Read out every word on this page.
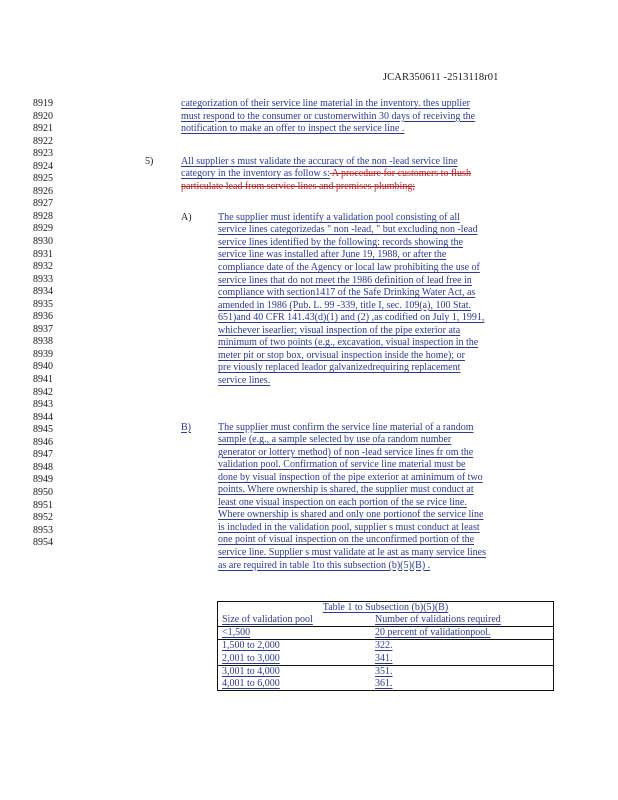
JCAR350611 -2513118r01
8919
8920
8921
8922
8923
8924
8925
8926
8927
8928
8929
8930
8931
8932
8933
8934
8935
8936
8937
8938
8939
8940
8941
8942
8943
8944
8945
8946
8947
8948
8949
8950
8951
8952
8953
8954
categorization of their service line material in the inventory. thes upplier
must respond to the consumer or customerwithin 30 days of receiving the
notification to make an offer to inspect the service line .
5)	All supplier s must validate the accuracy of the non -lead service line
category in the inventory as follow s: A procedure for customers to flush
particulate lead from service lines and premises plumbing;
A)	The supplier must identify a validation pool consisting of all
service lines categorizedas " non -lead, " but excluding non -lead
service lines identified by the following: records showing the
service line was installed after June 19, 1988, or after the
compliance date of the Agency or local law prohibiting the use of
service lines that do not meet the 1986 definition of lead free in
compliance with section1417 of the Safe Drinking Water Act, as
amended in 1986 (Pub. L. 99 -339, title I, sec. 109(a), 100 Stat.
651)and 40 CFR 141.43(d)(1) and (2) ,as codified on July 1, 1991,
whichever isearlier; visual inspection of the pipe exterior ata
minimum of two points (e.g., excavation, visual inspection in the
meter pit or stop box, orvisual inspection inside the home); or
pre viously replaced leador galvanizedrequiring replacement
service lines.
B)	The supplier must confirm the service line material of a random
sample (e.g., a sample selected by use ofa random number
generator or lottery method) of non -lead service lines fr om the
validation pool. Confirmation of service line material must be
done by visual inspection of the pipe exterior at aminimum of two
points. Where ownership is shared, the supplier must conduct at
least one visual inspection on each portion of the se rvice line.
Where ownership is shared and only one portionof the service line
is included in the validation pool, supplier s must conduct at least
one point of visual inspection on the unconfirmed portion of the
service line. Supplier s must validate at le ast as many service lines
as are required in table 1to this subsection (b)(5)(B) .
Table 1 to Subsection (b)(5)(B)
Size of validation pool	Number of validations required
<1,500	20 percent of validationpool.
1,500 to 2,000	322.
2,001 to 3,000	341.
3,001 to 4,000	351.
4,001 to 6,000	361.
